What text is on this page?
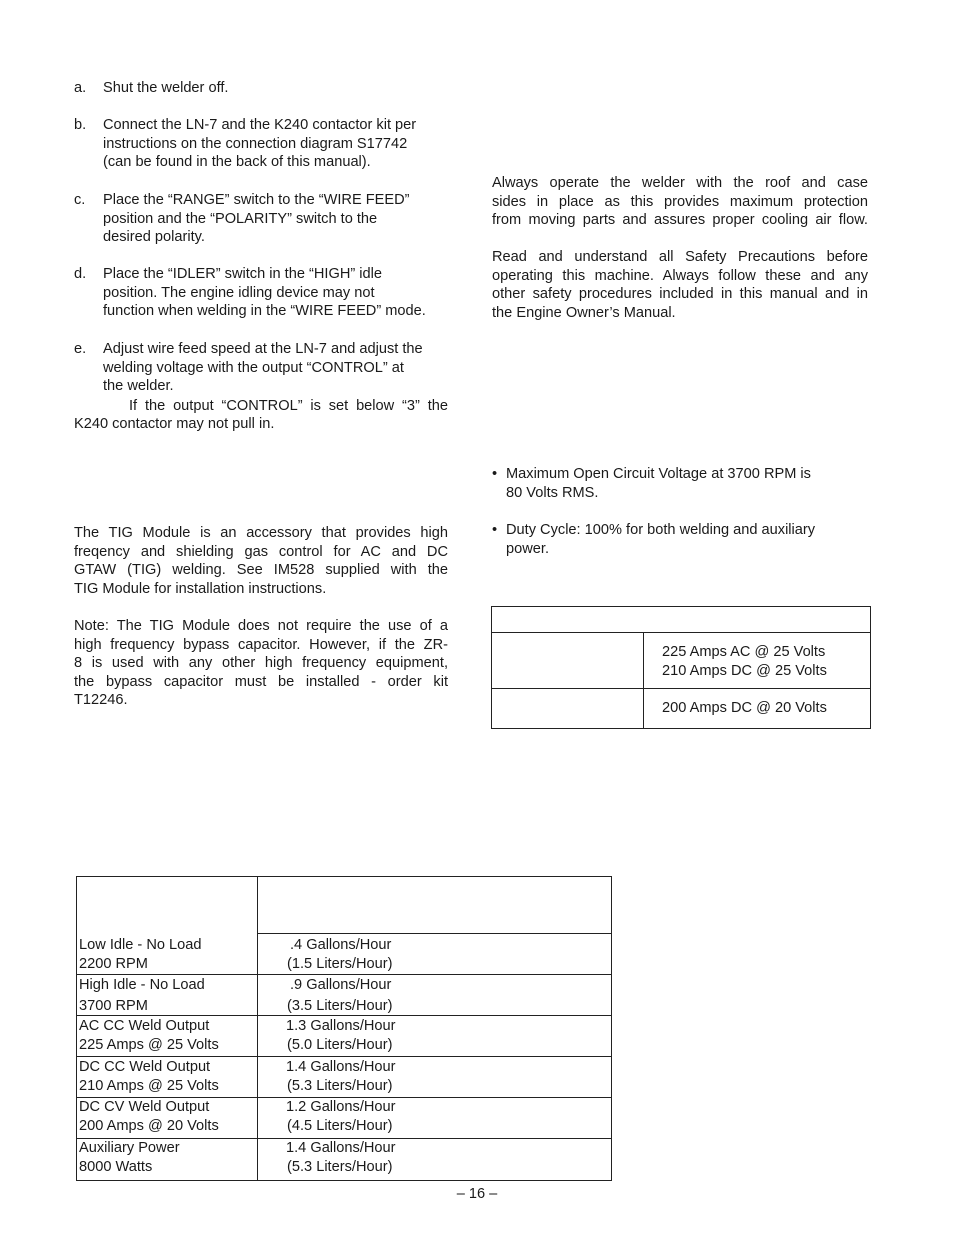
a. Shut the welder off.
b. Connect the LN-7 and the K240 contactor kit per
instructions on the connection diagram S17742
(can be found in the back of this manual).
c. Place the “RANGE” switch to the “WIRE FEED”
position and the “POLARITY” switch to the
desired polarity.
d. Place the “IDLER” switch in the “HIGH” idle
position. The engine idling device may not
function when welding in the “WIRE FEED” mode.
e. Adjust wire feed speed at the LN-7 and adjust the
welding voltage with the output “CONTROL” at
the welder.
If the output “CONTROL” is set below “3” the
K240 contactor may not pull in.
The TIG Module is an accessory that provides high
freqency and shielding gas control for AC and DC
GTAW (TIG) welding. See IM528 supplied with the
TIG Module for installation instructions.
Note: The TIG Module does not require the use of a
high frequency bypass capacitor. However, if the ZR-
8 is used with any other high frequency equipment,
the bypass capacitor must be installed - order kit
T12246.
Always operate the welder with the roof and case
sides in place as this provides maximum protection
from moving parts and assures proper cooling air flow.
Read and understand all Safety Precautions before
operating this machine. Always follow these and any
other safety procedures included in this manual and in
the Engine Owner’s Manual.
• Maximum Open Circuit Voltage at 3700 RPM is
80 Volts RMS.
• Duty Cycle: 100% for both welding and auxiliary
power.
225 Amps AC @ 25 Volts
210 Amps DC @ 25 Volts
200 Amps DC @ 20 Volts
Low Idle - No Load
2200 RPM
.4 Gallons/Hour
(1.5 Liters/Hour)
High Idle - No Load
3700 RPM
.9 Gallons/Hour
(3.5 Liters/Hour)
AC CC Weld Output
225 Amps @ 25 Volts
1.3 Gallons/Hour
(5.0 Liters/Hour)
DC CC Weld Output
210 Amps @ 25 Volts
1.4 Gallons/Hour
(5.3 Liters/Hour)
DC CV Weld Output
200 Amps @ 20 Volts
1.2 Gallons/Hour
(4.5 Liters/Hour)
Auxiliary Power
8000 Watts
1.4 Gallons/Hour
(5.3 Liters/Hour)
– 16 –
